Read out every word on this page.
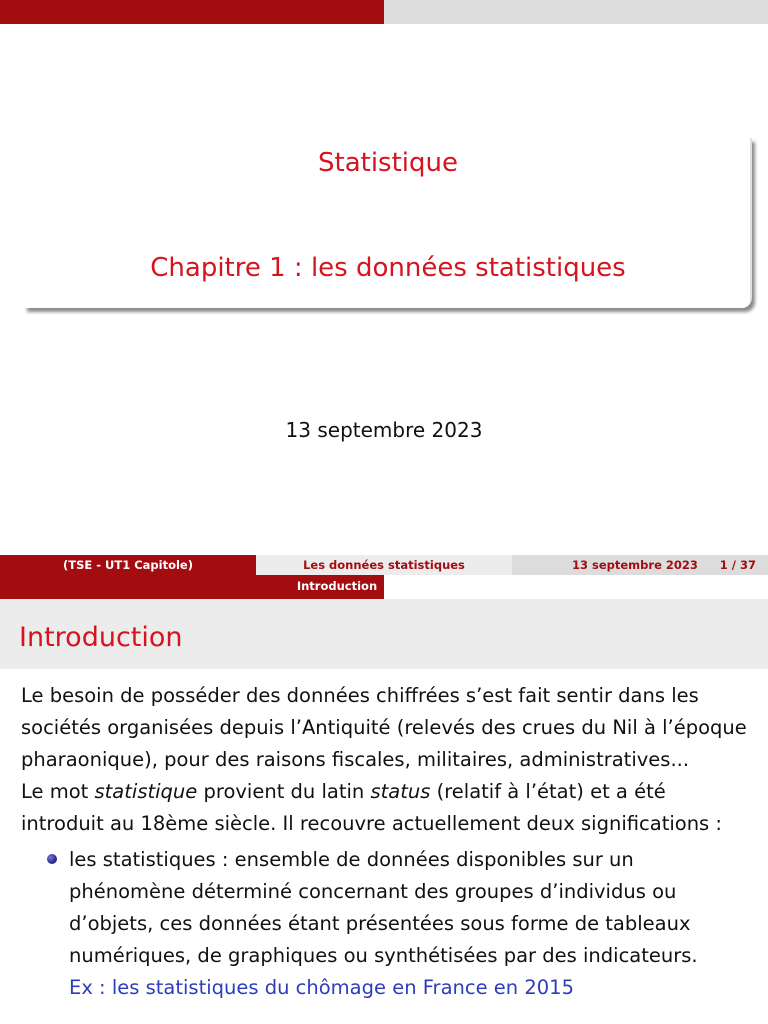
Statistique
Chapitre 1 : les données statistiques
13 septembre 2023
(TSE - UT1 Capitole)	Les données statistiques	13 septembre 2023 1 / 37
Introduction
Introduction

Le besoin de posséder des données chiffrées s’est fait sentir dans les sociétés organisées depuis l’Antiquité (relevés des crues du Nil à l’époque pharaonique), pour des raisons fiscales, militaires, administratives...

Le mot statistique provient du latin status (relatif à l’état) et a été introduit au 18ème siècle. Il recouvre actuellement deux significations :

les statistiques : ensemble de données disponibles sur un phénomène déterminé concernant des groupes d’individus ou d’objets, ces données étant présentées sous forme de tableaux numériques, de graphiques ou synthétisées par des indicateurs.

Ex : les statistiques du chômage en France en 2015
